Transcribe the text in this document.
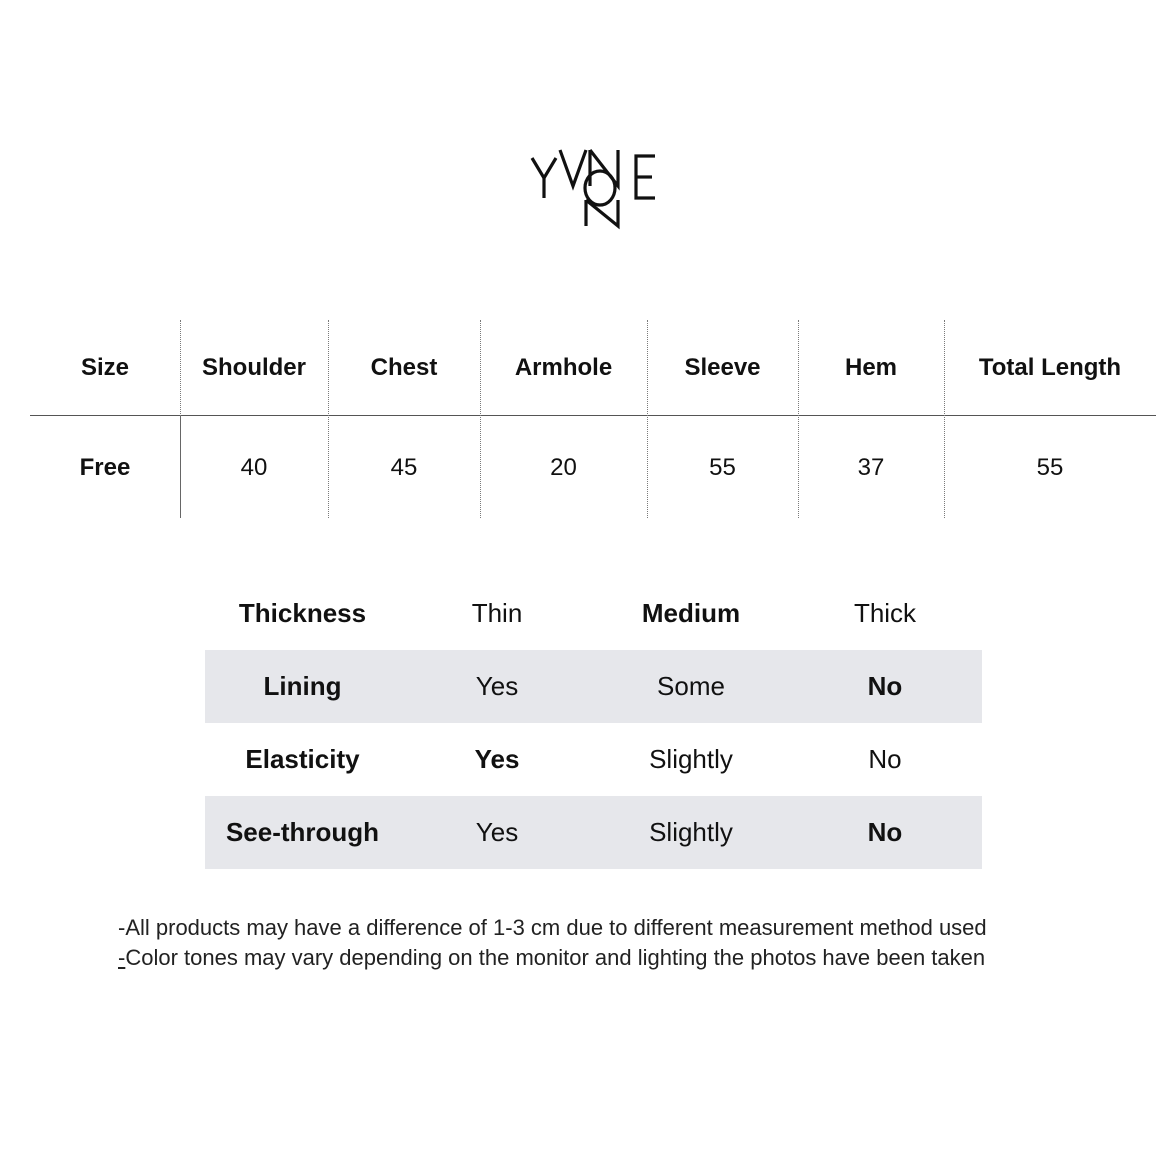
Size	Shoulder	Chest	Armhole	Sleeve	Hem	Total Length
Free	40	45	20	55	37	55
Thickness	Thin	Medium	Thick
Lining	Yes	Some	No
Elasticity	Yes	Slightly	No
See-through	Yes	Slightly	No
-All products may have a difference of 1-3 cm due to different measurement method used
-Color tones may vary depending on the monitor and lighting the photos have been taken
